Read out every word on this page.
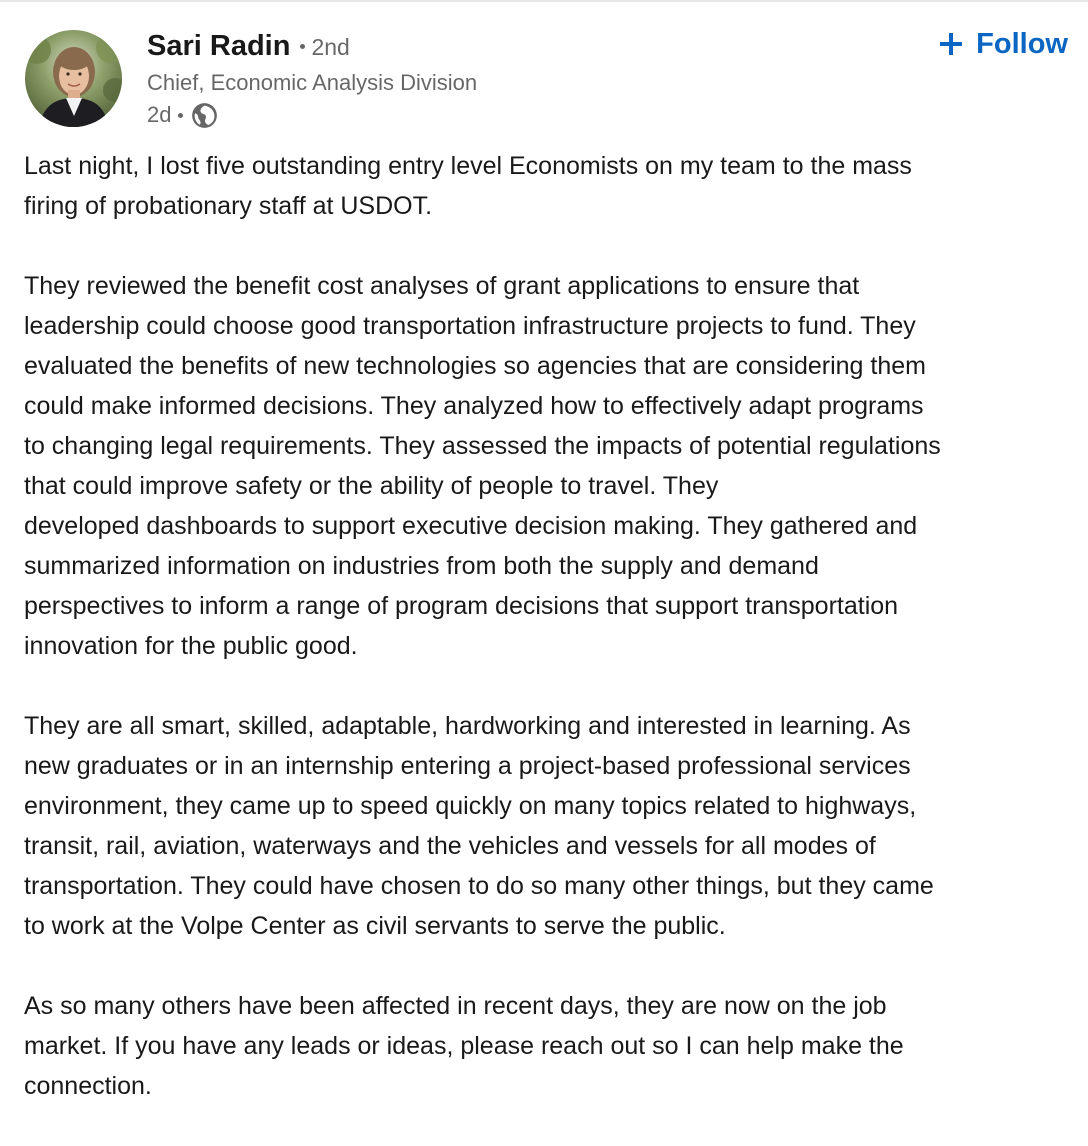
Sari Radin 2nd
Chief, Economic Analysis Division
2d
Follow

Last night, I lost five outstanding entry level Economists on my team to the mass
firing of probationary staff at USDOT.

They reviewed the benefit cost analyses of grant applications to ensure that
leadership could choose good transportation infrastructure projects to fund. They
evaluated the benefits of new technologies so agencies that are considering them
could make informed decisions. They analyzed how to effectively adapt programs
to changing legal requirements. They assessed the impacts of potential regulations
that could improve safety or the ability of people to travel. They
developed dashboards to support executive decision making. They gathered and
summarized information on industries from both the supply and demand
perspectives to inform a range of program decisions that support transportation
innovation for the public good.

They are all smart, skilled, adaptable, hardworking and interested in learning. As
new graduates or in an internship entering a project-based professional services
environment, they came up to speed quickly on many topics related to highways,
transit, rail, aviation, waterways and the vehicles and vessels for all modes of
transportation. They could have chosen to do so many other things, but they came
to work at the Volpe Center as civil servants to serve the public.

As so many others have been affected in recent days, they are now on the job
market. If you have any leads or ideas, please reach out so I can help make the
connection.
